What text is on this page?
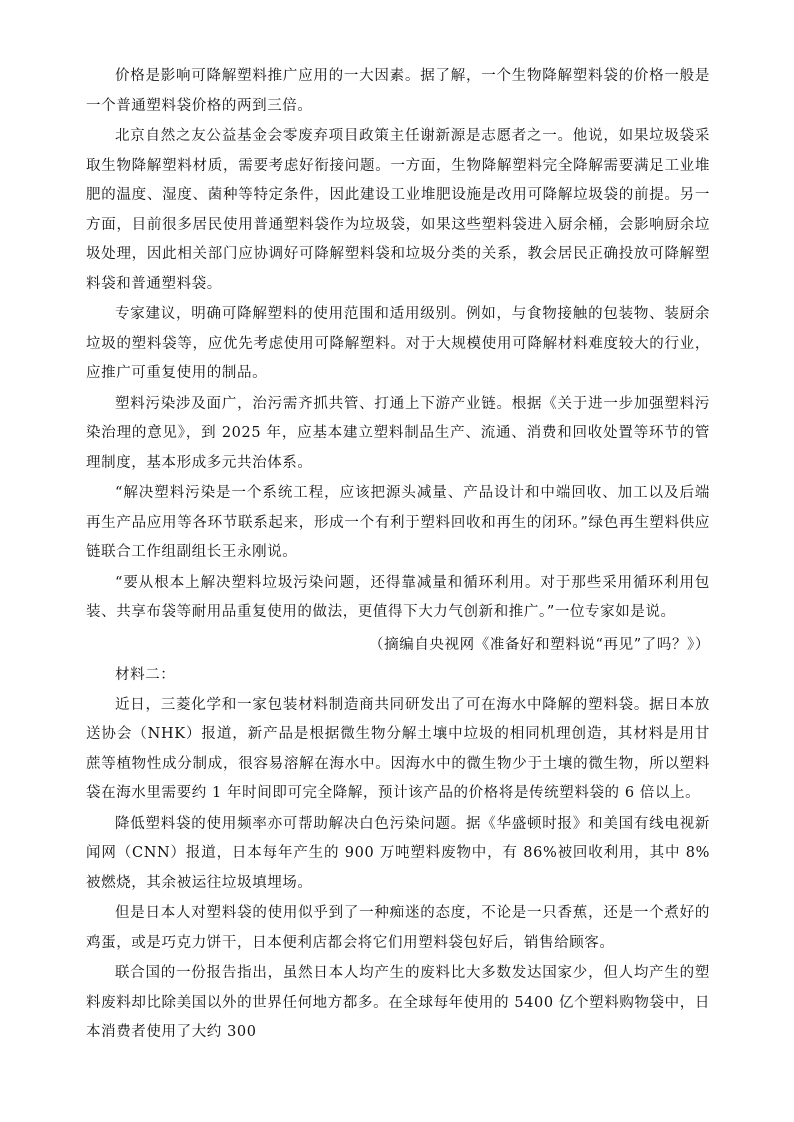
价格是影响可降解塑料推广应用的一大因素。据了解，一个生物降解塑料袋的价格一般是一个普通塑料袋价格的两到三倍。

北京自然之友公益基金会零废弃项目政策主任谢新源是志愿者之一。他说，如果垃圾袋采取生物降解塑料材质，需要考虑好衔接问题。一方面，生物降解塑料完全降解需要满足工业堆肥的温度、湿度、菌种等特定条件，因此建设工业堆肥设施是改用可降解垃圾袋的前提。另一方面，目前很多居民使用普通塑料袋作为垃圾袋，如果这些塑料袋进入厨余桶，会影响厨余垃圾处理，因此相关部门应协调好可降解塑料袋和垃圾分类的关系，教会居民正确投放可降解塑料袋和普通塑料袋。

专家建议，明确可降解塑料的使用范围和适用级别。例如，与食物接触的包装物、装厨余垃圾的塑料袋等，应优先考虑使用可降解塑料。对于大规模使用可降解材料难度较大的行业，应推广可重复使用的制品。

塑料污染涉及面广，治污需齐抓共管、打通上下游产业链。根据《关于进一步加强塑料污染治理的意见》，到 2025 年，应基本建立塑料制品生产、流通、消费和回收处置等环节的管理制度，基本形成多元共治体系。

“解决塑料污染是一个系统工程，应该把源头减量、产品设计和中端回收、加工以及后端再生产品应用等各环节联系起来，形成一个有利于塑料回收和再生的闭环。”绿色再生塑料供应链联合工作组副组长王永刚说。

“要从根本上解决塑料垃圾污染问题，还得靠减量和循环利用。对于那些采用循环利用包装、共享布袋等耐用品重复使用的做法，更值得下大力气创新和推广。”一位专家如是说。

（摘编自央视网《准备好和塑料说“再见”了吗？》）

材料二：

近日，三菱化学和一家包装材料制造商共同研发出了可在海水中降解的塑料袋。据日本放送协会（NHK）报道，新产品是根据微生物分解土壤中垃圾的相同机理创造，其材料是用甘蔗等植物性成分制成，很容易溶解在海水中。因海水中的微生物少于土壤的微生物，所以塑料袋在海水里需要约 1 年时间即可完全降解，预计该产品的价格将是传统塑料袋的 6 倍以上。

降低塑料袋的使用频率亦可帮助解决白色污染问题。据《华盛顿时报》和美国有线电视新闻网（CNN）报道，日本每年产生的 900 万吨塑料废物中，有 86%被回收利用，其中 8%被燃烧，其余被运往垃圾填埋场。

但是日本人对塑料袋的使用似乎到了一种痴迷的态度，不论是一只香蕉，还是一个煮好的鸡蛋，或是巧克力饼干，日本便利店都会将它们用塑料袋包好后，销售给顾客。

联合国的一份报告指出，虽然日本人均产生的废料比大多数发达国家少，但人均产生的塑料废料却比除美国以外的世界任何地方都多。在全球每年使用的 5400 亿个塑料购物袋中，日本消费者使用了大约 300
